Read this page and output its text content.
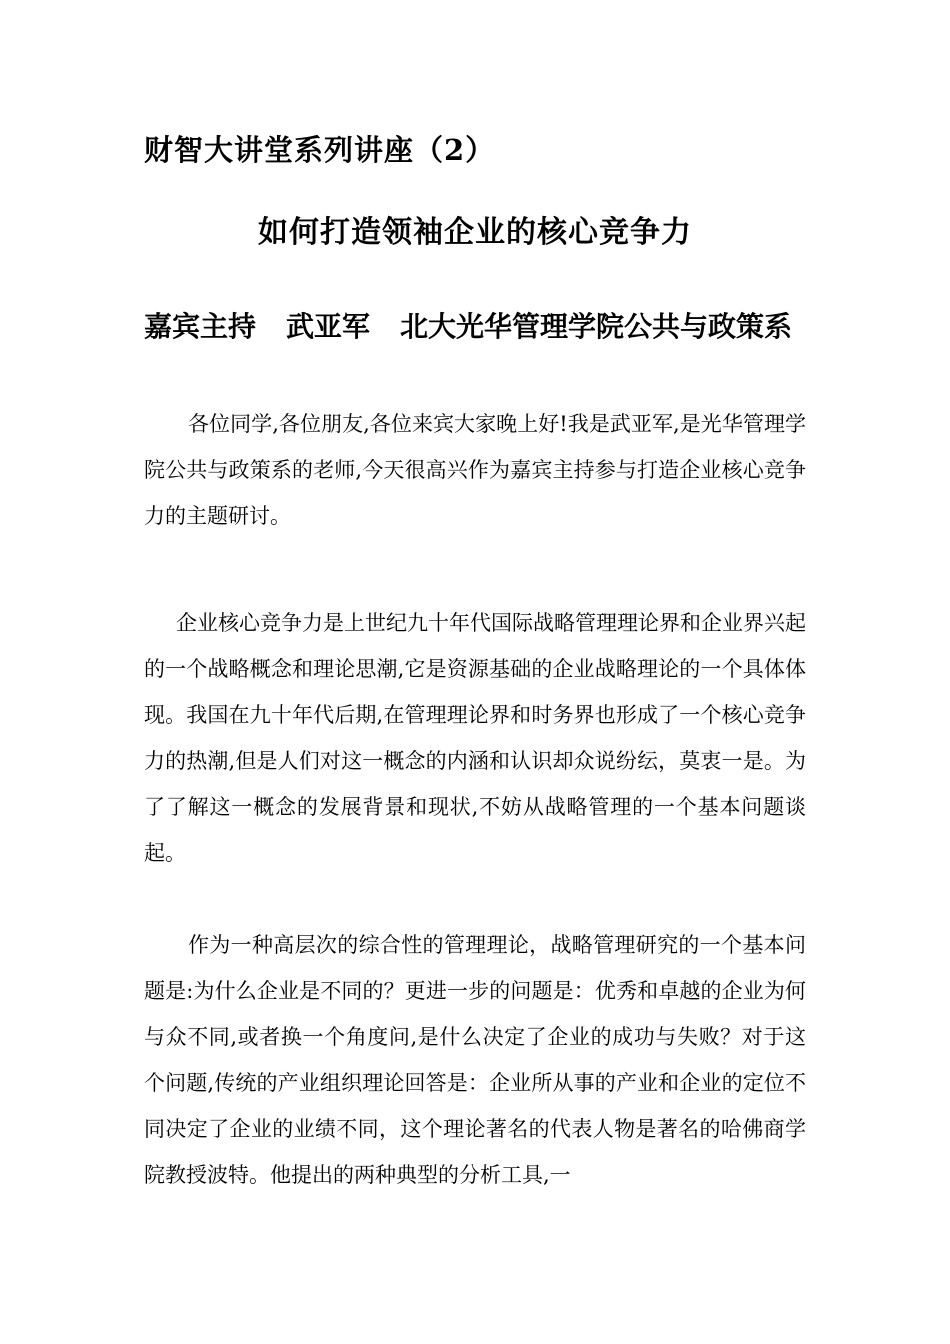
财智大讲堂系列讲座（2）
如何打造领袖企业的核心竞争力
嘉宾主持 武亚军 北大光华管理学院公共与政策系

各位同学,各位朋友,各位来宾大家晚上好!我是武亚军,是光华管理学院公共与政策系的老师,今天很高兴作为嘉宾主持参与打造企业核心竞争力的主题研讨。

企业核心竞争力是上世纪九十年代国际战略管理理论界和企业界兴起的一个战略概念和理论思潮,它是资源基础的企业战略理论的一个具体体现。我国在九十年代后期,在管理理论界和时务界也形成了一个核心竞争力的热潮,但是人们对这一概念的内涵和认识却众说纷纭，莫衷一是。为了了解这一概念的发展背景和现状,不妨从战略管理的一个基本问题谈起。

作为一种高层次的综合性的管理理论，战略管理研究的一个基本问题是:为什么企业是不同的？更进一步的问题是：优秀和卓越的企业为何与众不同,或者换一个角度问,是什么决定了企业的成功与失败？对于这个问题,传统的产业组织理论回答是：企业所从事的产业和企业的定位不同决定了企业的业绩不同，这个理论著名的代表人物是著名的哈佛商学院教授波特。他提出的两种典型的分析工具,一
